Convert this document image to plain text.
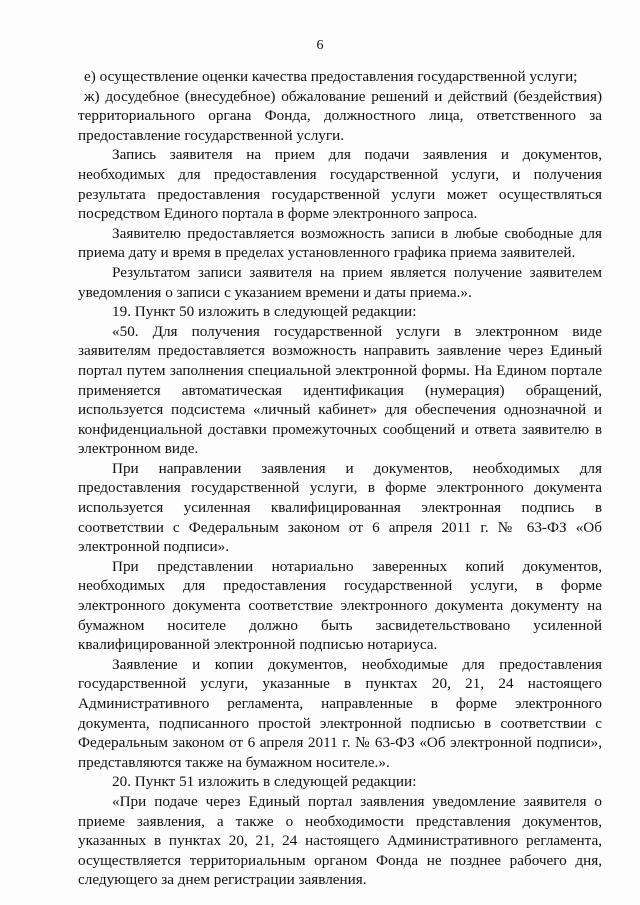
6

е) осуществление оценки качества предоставления государственной услуги;

ж) досудебное (внесудебное) обжалование решений и действий (бездействия) территориального органа Фонда, должностного лица, ответственного за предоставление государственной услуги.

Запись заявителя на прием для подачи заявления и документов, необходимых для предоставления государственной услуги, и получения результата предоставления государственной услуги может осуществляться посредством Единого портала в форме электронного запроса.

Заявителю предоставляется возможность записи в любые свободные для приема дату и время в пределах установленного графика приема заявителей.

Результатом записи заявителя на прием является получение заявителем уведомления о записи с указанием времени и даты приема.».

19. Пункт 50 изложить в следующей редакции:

«50. Для получения государственной услуги в электронном виде заявителям предоставляется возможность направить заявление через Единый портал путем заполнения специальной электронной формы. На Едином портале применяется автоматическая идентификация (нумерация) обращений, используется подсистема «личный кабинет» для обеспечения однозначной и конфиденциальной доставки промежуточных сообщений и ответа заявителю в электронном виде.

При направлении заявления и документов, необходимых для предоставления государственной услуги, в форме электронного документа используется усиленная квалифицированная электронная подпись в соответствии с Федеральным законом от 6 апреля 2011 г. № 63-ФЗ «Об электронной подписи».

При представлении нотариально заверенных копий документов, необходимых для предоставления государственной услуги, в форме электронного документа соответствие электронного документа документу на бумажном носителе должно быть засвидетельствовано усиленной квалифицированной электронной подписью нотариуса.

Заявление и копии документов, необходимые для предоставления государственной услуги, указанные в пунктах 20, 21, 24 настоящего Административного регламента, направленные в форме электронного документа, подписанного простой электронной подписью в соответствии с Федеральным законом от 6 апреля 2011 г. № 63-ФЗ «Об электронной подписи», представляются также на бумажном носителе.».

20. Пункт 51 изложить в следующей редакции:

«При подаче через Единый портал заявления уведомление заявителя о приеме заявления, а также о необходимости представления документов, указанных в пунктах 20, 21, 24 настоящего Административного регламента, осуществляется территориальным органом Фонда не позднее рабочего дня, следующего за днем регистрации заявления.
